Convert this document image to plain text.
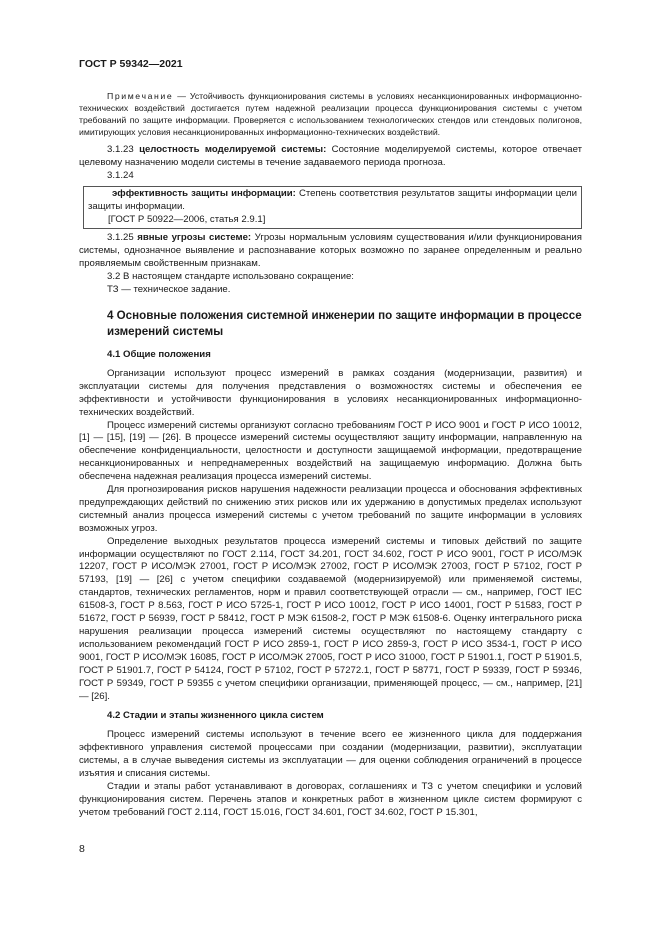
ГОСТ Р 59342—2021

Примечание — Устойчивость функционирования системы в условиях несанкционированных информационно-технических воздействий достигается путем надежной реализации процесса функционирования системы с учетом требований по защите информации. Проверяется с использованием технологических стендов или стендовых полигонов, имитирующих условия несанкционированных информационно-технических воздействий.

3.1.23 целостность моделируемой системы: Состояние моделируемой системы, которое отвечает целевому назначению модели системы в течение задаваемого периода прогноза.

3.1.24

эффективность защиты информации: Степень соответствия результатов защиты информации цели защиты информации.

[ГОСТ Р 50922—2006, статья 2.9.1]

3.1.25 явные угрозы системе: Угрозы нормальным условиям существования и/или функционирования системы, однозначное выявление и распознавание которых возможно по заранее определенным и реально проявляемым свойственным признакам.

3.2 В настоящем стандарте использовано сокращение:

ТЗ — техническое задание.

4 Основные положения системной инженерии по защите информации в процессе измерений системы
4.1 Общие положения

Организации используют процесс измерений в рамках создания (модернизации, развития) и эксплуатации системы для получения представления о возможностях системы и обеспечения ее эффективности и устойчивости функционирования в условиях несанкционированных информационно-технических воздействий.

Процесс измерений системы организуют согласно требованиям ГОСТ Р ИСО 9001 и ГОСТ Р ИСО 10012, [1] — [15], [19] — [26]. В процессе измерений системы осуществляют защиту информации, направленную на обеспечение конфиденциальности, целостности и доступности защищаемой информации, предотвращение несанкционированных и непреднамеренных воздействий на защищаемую информацию. Должна быть обеспечена надежная реализация процесса измерений системы.

Для прогнозирования рисков нарушения надежности реализации процесса и обоснования эффективных предупреждающих действий по снижению этих рисков или их удержанию в допустимых пределах используют системный анализ процесса измерений системы с учетом требований по защите информации в условиях возможных угроз.

Определение выходных результатов процесса измерений системы и типовых действий по защите информации осуществляют по ГОСТ 2.114, ГОСТ 34.201, ГОСТ 34.602, ГОСТ Р ИСО 9001, ГОСТ Р ИСО/МЭК 12207, ГОСТ Р ИСО/МЭК 27001, ГОСТ Р ИСО/МЭК 27002, ГОСТ Р ИСО/МЭК 27003, ГОСТ Р 57102, ГОСТ Р 57193, [19] — [26] с учетом специфики создаваемой (модернизируемой) или применяемой системы, стандартов, технических регламентов, норм и правил соответствующей отрасли — см., например, ГОСТ IEC 61508-3, ГОСТ Р 8.563, ГОСТ Р ИСО 5725-1, ГОСТ Р ИСО 10012, ГОСТ Р ИСО 14001, ГОСТ Р 51583, ГОСТ Р 51672, ГОСТ Р 56939, ГОСТ Р 58412, ГОСТ Р МЭК 61508-2, ГОСТ Р МЭК 61508-6. Оценку интегрального риска нарушения реализации процесса измерений системы осуществляют по настоящему стандарту с использованием рекомендаций ГОСТ Р ИСО 2859-1, ГОСТ Р ИСО 2859-3, ГОСТ Р ИСО 3534-1, ГОСТ Р ИСО 9001, ГОСТ Р ИСО/МЭК 16085, ГОСТ Р ИСО/МЭК 27005, ГОСТ Р ИСО 31000, ГОСТ Р 51901.1, ГОСТ Р 51901.5, ГОСТ Р 51901.7, ГОСТ Р 54124, ГОСТ Р 57102, ГОСТ Р 57272.1, ГОСТ Р 58771, ГОСТ Р 59339, ГОСТ Р 59346, ГОСТ Р 59349, ГОСТ Р 59355 с учетом специфики организации, применяющей процесс, — см., например, [21] — [26].

4.2 Стадии и этапы жизненного цикла систем

Процесс измерений системы используют в течение всего ее жизненного цикла для поддержания эффективного управления системой процессами при создании (модернизации, развитии), эксплуатации системы, а в случае выведения системы из эксплуатации — для оценки соблюдения ограничений в процессе изъятия и списания системы.

Стадии и этапы работ устанавливают в договорах, соглашениях и ТЗ с учетом специфики и условий функционирования систем. Перечень этапов и конкретных работ в жизненном цикле систем формируют с учетом требований ГОСТ 2.114, ГОСТ 15.016, ГОСТ 34.601, ГОСТ 34.602, ГОСТ Р 15.301,

8
